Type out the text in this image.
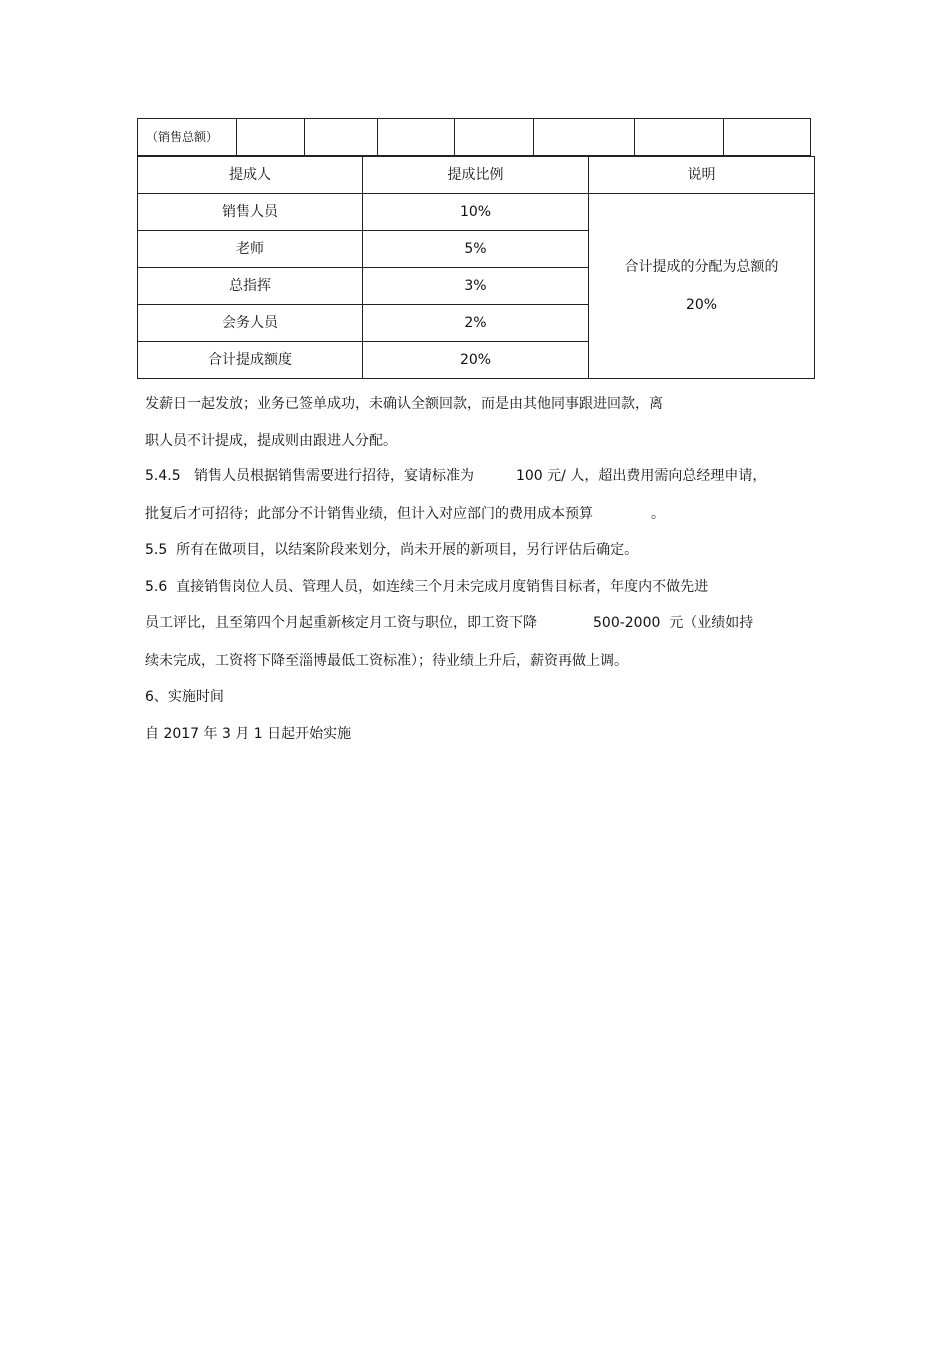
（销售总额）							
提成人	提成比例	说明
销售人员	10%	合计提成的分配为总额的
20%

老师	5%	
总指挥	3%	
会务人员	2%	
合计提成额度	20%	
发薪日一起发放；业务已签单成功，未确认全额回款，而是由其他同事跟进回款，离
职人员不计提成，提成则由跟进人分配。
5.4.5   销售人员根据销售需要进行招待，宴请标准为	100 元/ 人，超出费用需向总经理申请，
批复后才可招待；此部分不计销售业绩，但计入对应部门的费用成本预算	。
5.5  所有在做项目，以结案阶段来划分，尚未开展的新项目，另行评估后确定。
5.6  直接销售岗位人员、管理人员，如连续三个月未完成月度销售目标者，年度内不做先进
员工评比，且至第四个月起重新核定月工资与职位，即工资下降	500-2000  元（业绩如持
续未完成，工资将下降至淄博最低工资标准）；待业绩上升后，薪资再做上调。
6、实施时间
自 2017 年 3 月 1 日起开始实施
